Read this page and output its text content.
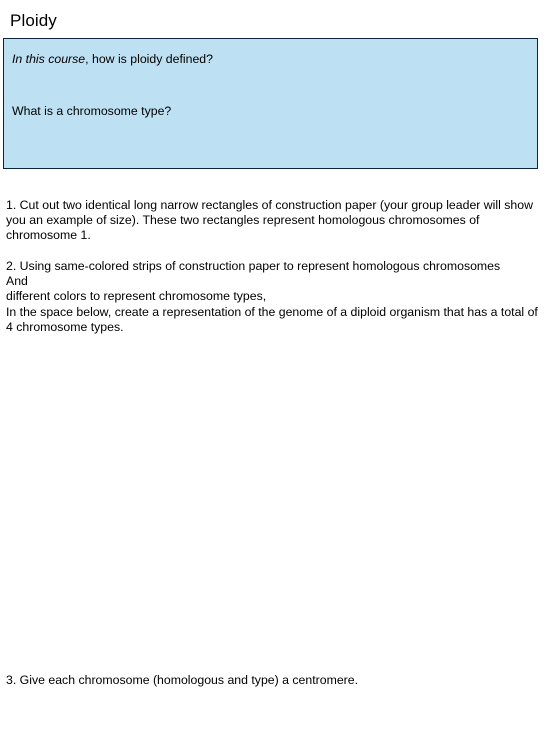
Ploidy
In this course, how is ploidy defined?
What is a chromosome type?

1. Cut out two identical long narrow rectangles of construction paper (your group leader will show you an example of size). These two rectangles represent homologous chromosomes of chromosome 1.

2. Using same-colored strips of construction paper to represent homologous chromosomes
And
different colors to represent chromosome types,
In the space below, create a representation of the genome of a diploid organism that has a total of 4 chromosome types.

3. Give each chromosome (homologous and type) a centromere.
